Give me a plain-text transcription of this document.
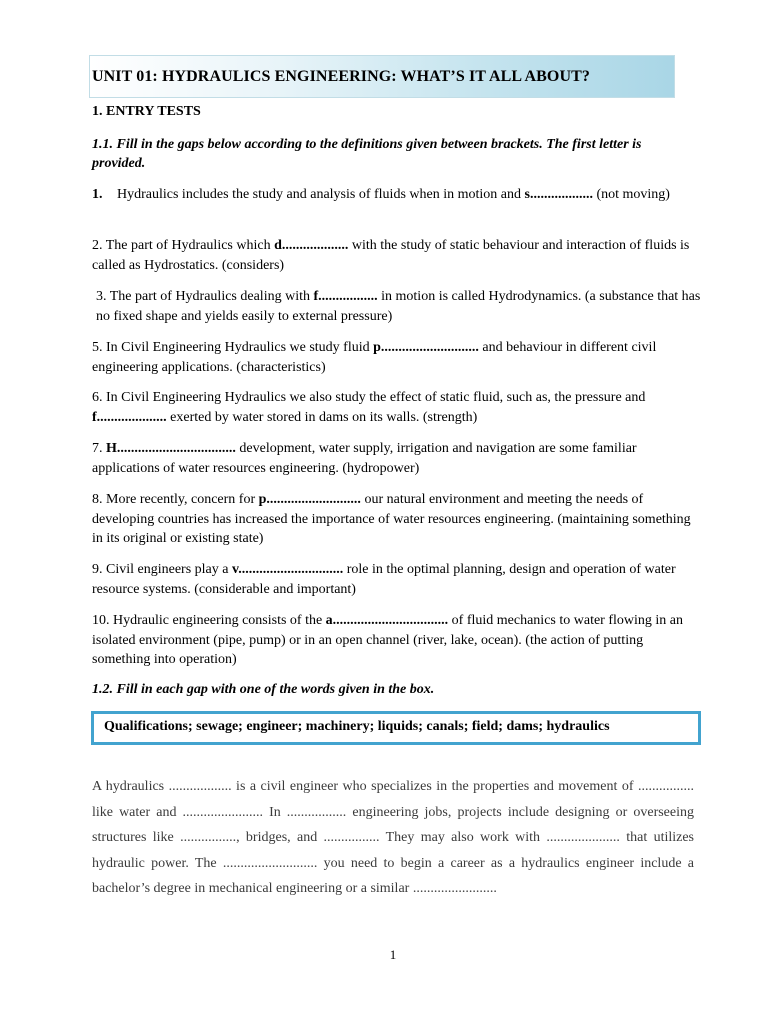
UNIT 01: HYDRAULICS ENGINEERING: WHAT’S IT ALL ABOUT?
1. ENTRY TESTS
1.1. Fill in the gaps below according to the definitions given between brackets. The first letter is provided.
1.	Hydraulics includes the study and analysis of fluids when in motion and s.................. (not moving)
2. The part of Hydraulics which d................... with the study of static behaviour and interaction of fluids is called as Hydrostatics. (considers)
3. The part of Hydraulics dealing with f................. in motion is called Hydrodynamics. (a substance that has no fixed shape and yields easily to external pressure)
5. In Civil Engineering Hydraulics we study fluid p............................ and behaviour in different civil engineering applications. (characteristics)
6. In Civil Engineering Hydraulics we also study the effect of static fluid, such as, the pressure and f.................... exerted by water stored in dams on its walls. (strength)
7. H.................................. development, water supply, irrigation and navigation are some familiar applications of water resources engineering. (hydropower)
8. More recently, concern for p........................... our natural environment and meeting the needs of developing countries has increased the importance of water resources engineering. (maintaining something in its original or existing state)
9. Civil engineers play a v.............................. role in the optimal planning, design and operation of water resource systems. (considerable and important)
10. Hydraulic engineering consists of the a................................. of fluid mechanics to water flowing in an isolated environment (pipe, pump) or in an open channel (river, lake, ocean). (the action of putting something into operation)
1.2. Fill in each gap with one of the words given in the box.
Qualifications; sewage; engineer; machinery; liquids; canals; field; dams; hydraulics
A hydraulics .................. is a civil engineer who specializes in the properties and movement of ................ like water and ....................... In ................. engineering jobs, projects include designing or overseeing structures like ................, bridges, and ................ They may also work with ..................... that utilizes hydraulic power. The ........................... you need to begin a career as a hydraulics engineer include a bachelor’s degree in mechanical engineering or a similar ........................
1
